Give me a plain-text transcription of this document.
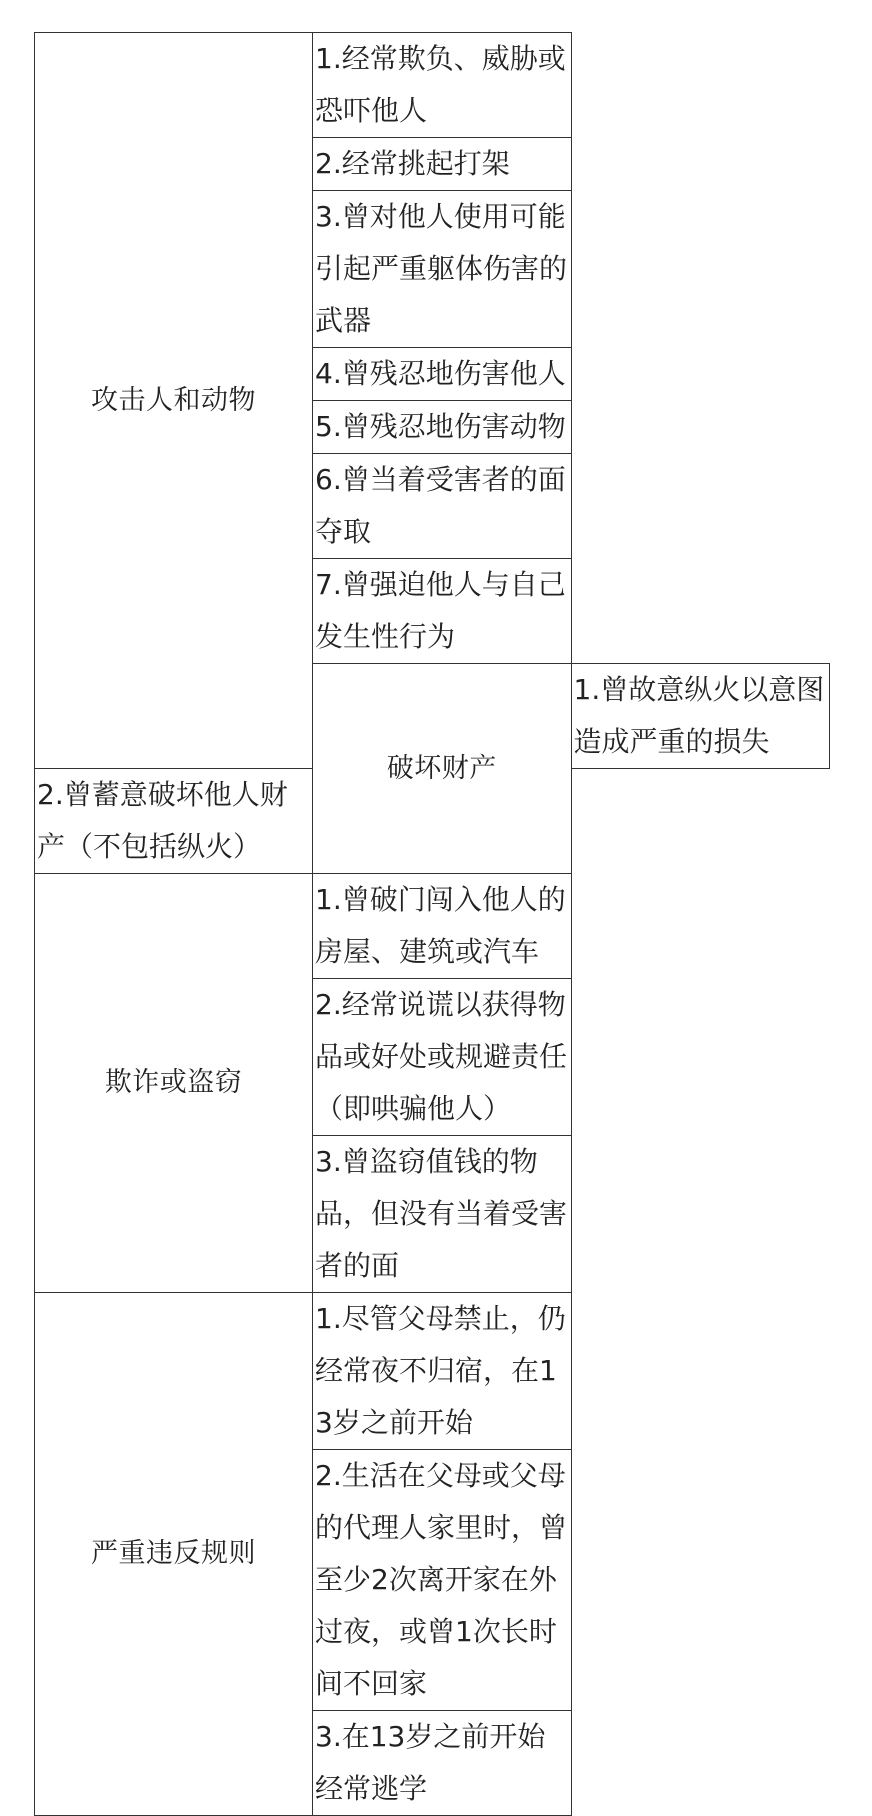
攻击人和动物	1.经常欺负、威胁或恐吓他人	
	2.经常挑起打架	
	3.曾对他人使用可能引起严重躯体伤害的武器	
	4.曾残忍地伤害他人	
	5.曾残忍地伤害动物	
	6.曾当着受害者的面夺取	
	7.曾强迫他人与自己发生性行为	
	破坏财产	1.曾故意纵火以意图造成严重的损失
2.曾蓄意破坏他人财产（不包括纵火）		
欺诈或盗窃	1.曾破门闯入他人的房屋、建筑或汽车	
	2.经常说谎以获得物品或好处或规避责任（即哄骗他人）	
	3.曾盗窃值钱的物品，但没有当着受害者的面	
严重违反规则	1.尽管父母禁止，仍经常夜不归宿，在13岁之前开始	
	2.生活在父母或父母的代理人家里时，曾至少2次离开家在外过夜，或曾1次长时间不回家	
	3.在13岁之前开始经常逃学	
